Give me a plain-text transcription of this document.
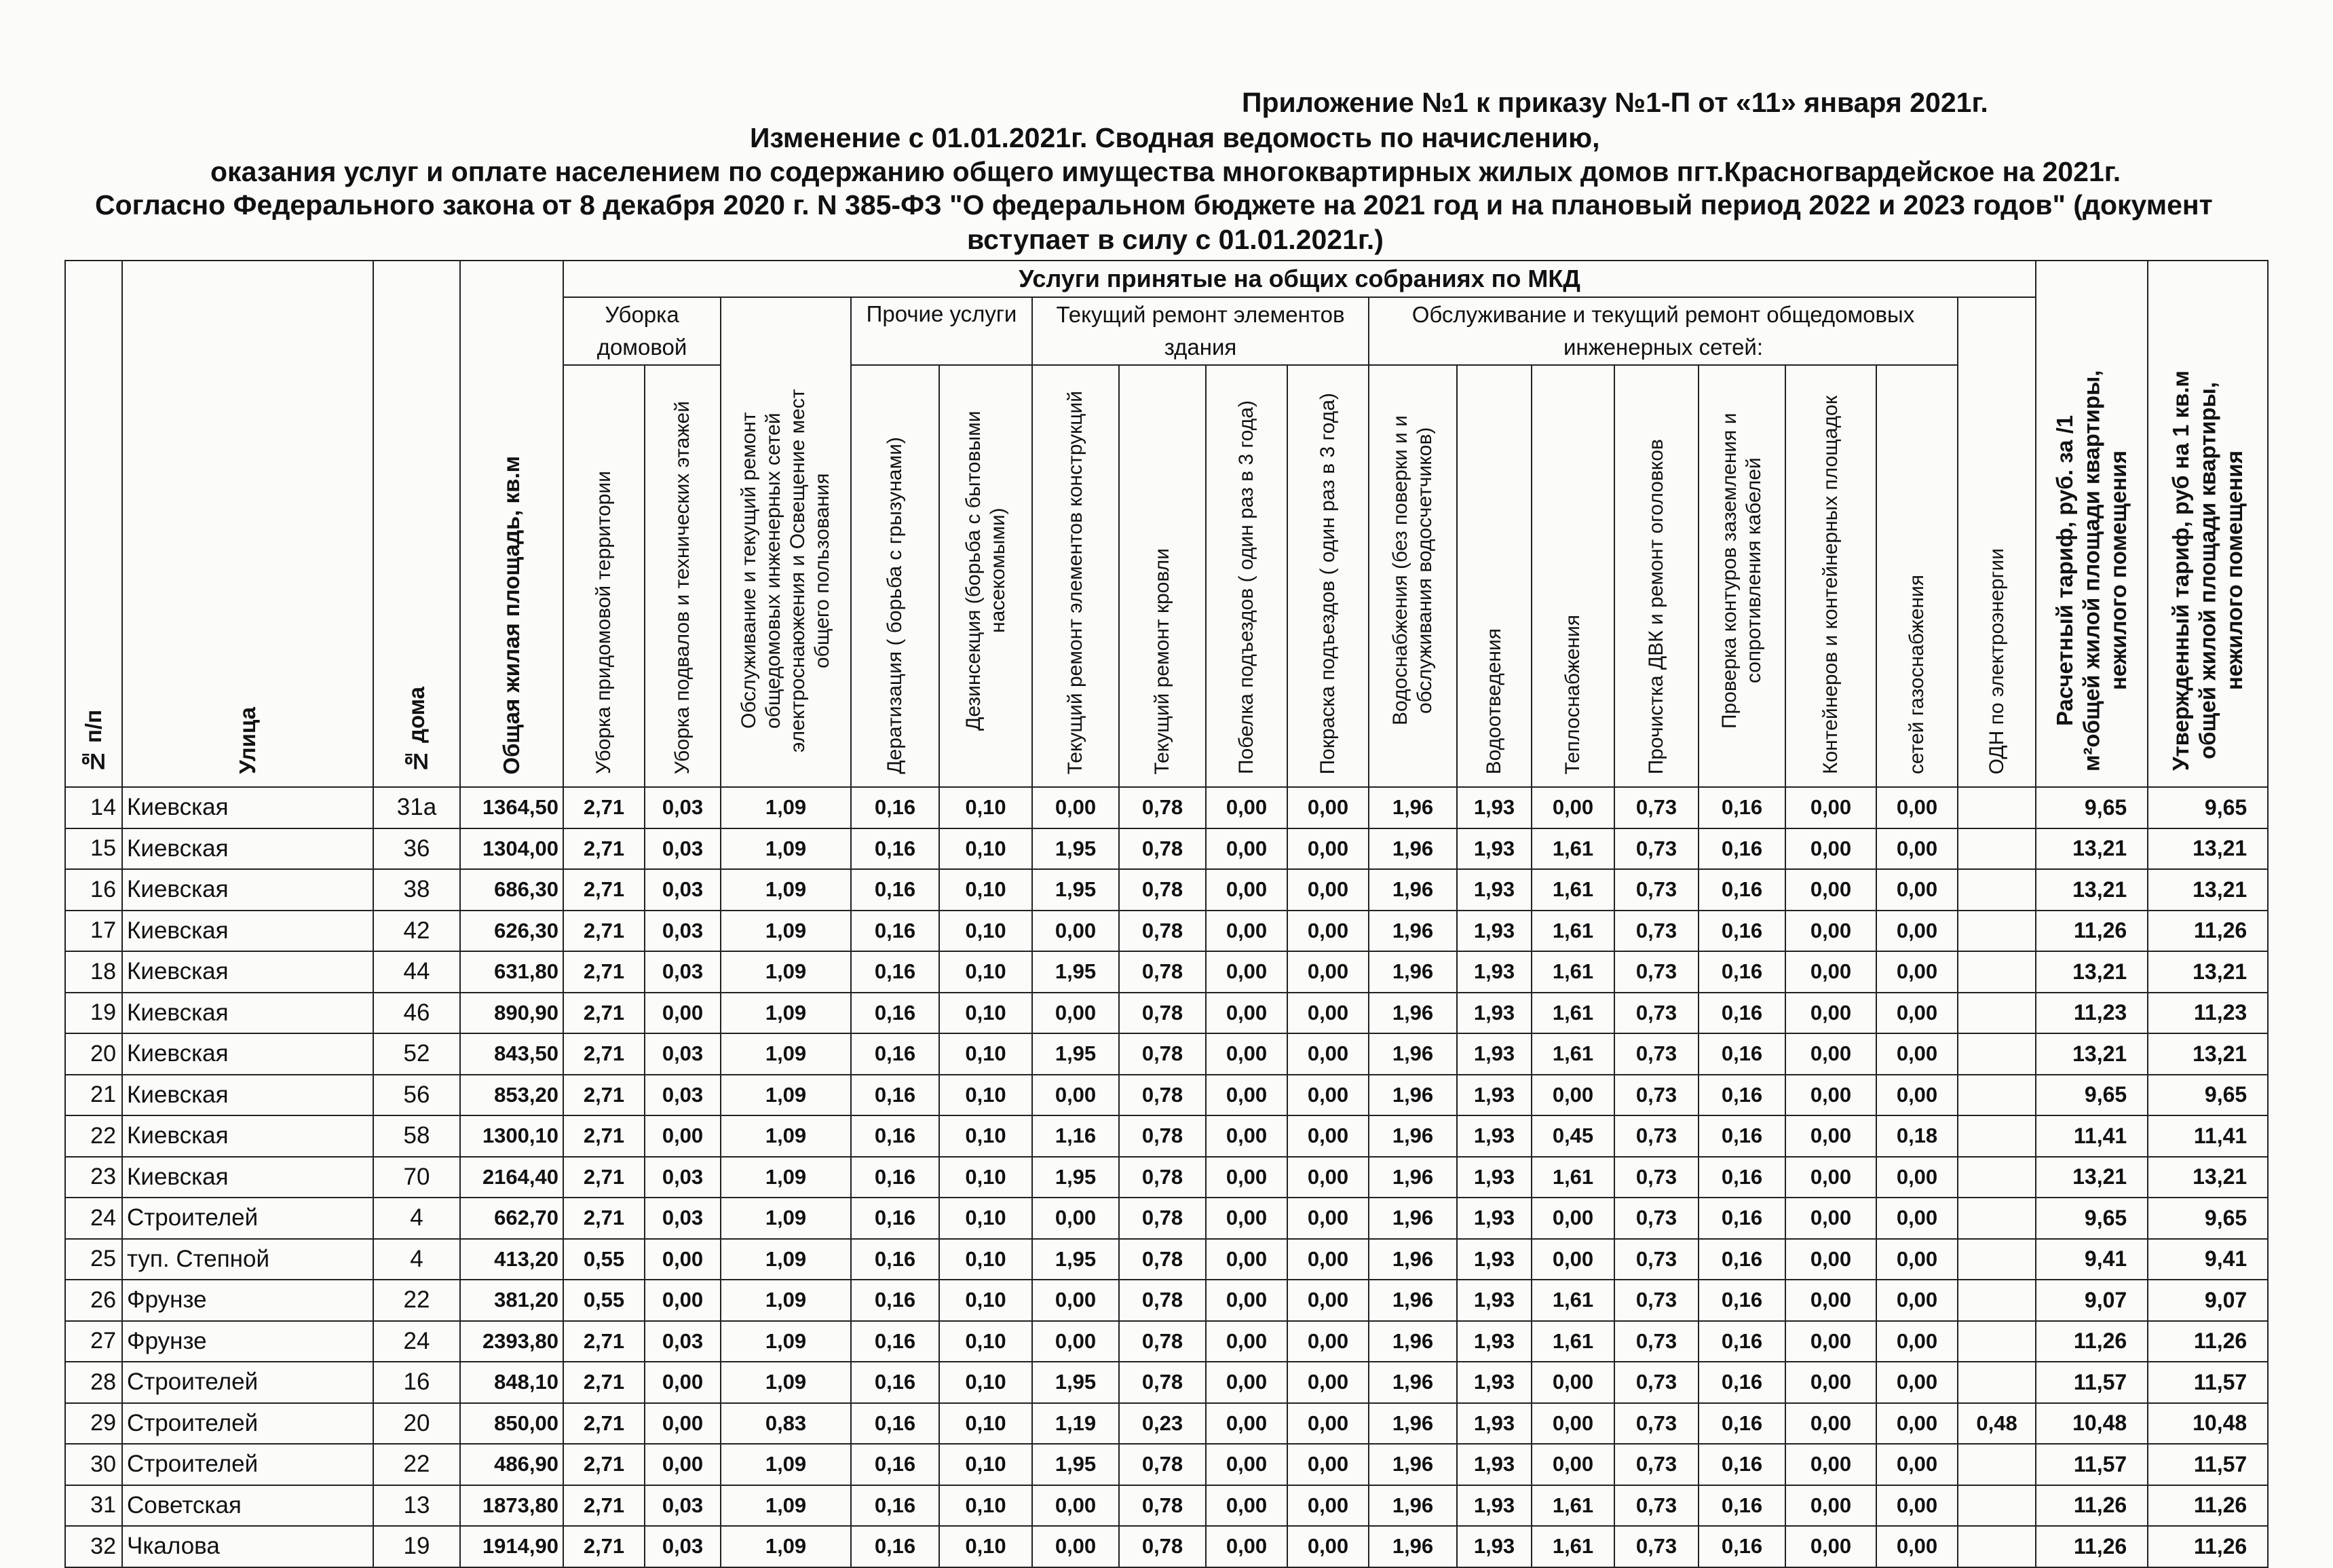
Приложение №1 к приказу №1-П от «11» января 2021г.
Изменение с 01.01.2021г. Сводная ведомость по начислению,
оказания услуг и оплате населением по содержанию общего имущества многоквартирных жилых домов пгт.Красногвардейское на 2021г.
Согласно Федерального закона от 8 декабря 2020 г. N 385-ФЗ "О федеральном бюджете на 2021 год и на плановый период 2022 и 2023 годов" (документ
вступает в силу с 01.01.2021г.)
№ п/п	Улица	№ дома	Общая жилая площадь, кв.м	Услуги принятые на общих собраниях по МКД																	Расчетный тариф, руб. за /1 м²общей жилой площади квартиры, нежилого помещения	Утвержденный тариф, руб на 1 кв.м общей жилой площади квартиры, нежилого помещения
				Уборка домовой		Обслуживание и текущий ремонт общедомовых инженерных сетей электроснаюжения и Освещение мест общего пользования	Прочие услуги		Текущий ремонт элементов здания				Обслуживание и текущий ремонт общедомовых инженерных сетей:							ОДН по электроэнергии		
				Уборка придомовой территории	Уборка подвалов и технических этажей		Дератизация ( борьба с грызунами)	Дезинсекция (борьба с бытовыми насекомыми)	Текущий ремонт элементов конструкций	Текущий ремонт кровли	Побелка подъездов ( один раз в 3 года)	Покраска подъездов ( один раз в 3 года)	Водоснабжения (без поверки и и обслуживания водосчетчиков)	Водоотведения	Теплоснабжения	Прочистка ДВК и ремонт оголовков	Проверка контуров заземления и сопротивления кабелей	Контейнеров и контейнерных площадок	сетей газоснабжения			
14	Киевская	31а	1364,50	2,71	0,03	1,09	0,16	0,10	0,00	0,78	0,00	0,00	1,96	1,93	0,00	0,73	0,16	0,00	0,00		9,65	9,65
15	Киевская	36	1304,00	2,71	0,03	1,09	0,16	0,10	1,95	0,78	0,00	0,00	1,96	1,93	1,61	0,73	0,16	0,00	0,00		13,21	13,21
16	Киевская	38	686,30	2,71	0,03	1,09	0,16	0,10	1,95	0,78	0,00	0,00	1,96	1,93	1,61	0,73	0,16	0,00	0,00		13,21	13,21
17	Киевская	42	626,30	2,71	0,03	1,09	0,16	0,10	0,00	0,78	0,00	0,00	1,96	1,93	1,61	0,73	0,16	0,00	0,00		11,26	11,26
18	Киевская	44	631,80	2,71	0,03	1,09	0,16	0,10	1,95	0,78	0,00	0,00	1,96	1,93	1,61	0,73	0,16	0,00	0,00		13,21	13,21
19	Киевская	46	890,90	2,71	0,00	1,09	0,16	0,10	0,00	0,78	0,00	0,00	1,96	1,93	1,61	0,73	0,16	0,00	0,00		11,23	11,23
20	Киевская	52	843,50	2,71	0,03	1,09	0,16	0,10	1,95	0,78	0,00	0,00	1,96	1,93	1,61	0,73	0,16	0,00	0,00		13,21	13,21
21	Киевская	56	853,20	2,71	0,03	1,09	0,16	0,10	0,00	0,78	0,00	0,00	1,96	1,93	0,00	0,73	0,16	0,00	0,00		9,65	9,65
22	Киевская	58	1300,10	2,71	0,00	1,09	0,16	0,10	1,16	0,78	0,00	0,00	1,96	1,93	0,45	0,73	0,16	0,00	0,18		11,41	11,41
23	Киевская	70	2164,40	2,71	0,03	1,09	0,16	0,10	1,95	0,78	0,00	0,00	1,96	1,93	1,61	0,73	0,16	0,00	0,00		13,21	13,21
24	Строителей	4	662,70	2,71	0,03	1,09	0,16	0,10	0,00	0,78	0,00	0,00	1,96	1,93	0,00	0,73	0,16	0,00	0,00		9,65	9,65
25	туп. Степной	4	413,20	0,55	0,00	1,09	0,16	0,10	1,95	0,78	0,00	0,00	1,96	1,93	0,00	0,73	0,16	0,00	0,00		9,41	9,41
26	Фрунзе	22	381,20	0,55	0,00	1,09	0,16	0,10	0,00	0,78	0,00	0,00	1,96	1,93	1,61	0,73	0,16	0,00	0,00		9,07	9,07
27	Фрунзе	24	2393,80	2,71	0,03	1,09	0,16	0,10	0,00	0,78	0,00	0,00	1,96	1,93	1,61	0,73	0,16	0,00	0,00		11,26	11,26
28	Строителей	16	848,10	2,71	0,00	1,09	0,16	0,10	1,95	0,78	0,00	0,00	1,96	1,93	0,00	0,73	0,16	0,00	0,00		11,57	11,57
29	Строителей	20	850,00	2,71	0,00	0,83	0,16	0,10	1,19	0,23	0,00	0,00	1,96	1,93	0,00	0,73	0,16	0,00	0,00	0,48	10,48	10,48
30	Строителей	22	486,90	2,71	0,00	1,09	0,16	0,10	1,95	0,78	0,00	0,00	1,96	1,93	0,00	0,73	0,16	0,00	0,00		11,57	11,57
31	Советская	13	1873,80	2,71	0,03	1,09	0,16	0,10	0,00	0,78	0,00	0,00	1,96	1,93	1,61	0,73	0,16	0,00	0,00		11,26	11,26
32	Чкалова	19	1914,90	2,71	0,03	1,09	0,16	0,10	0,00	0,78	0,00	0,00	1,96	1,93	1,61	0,73	0,16	0,00	0,00		11,26	11,26
